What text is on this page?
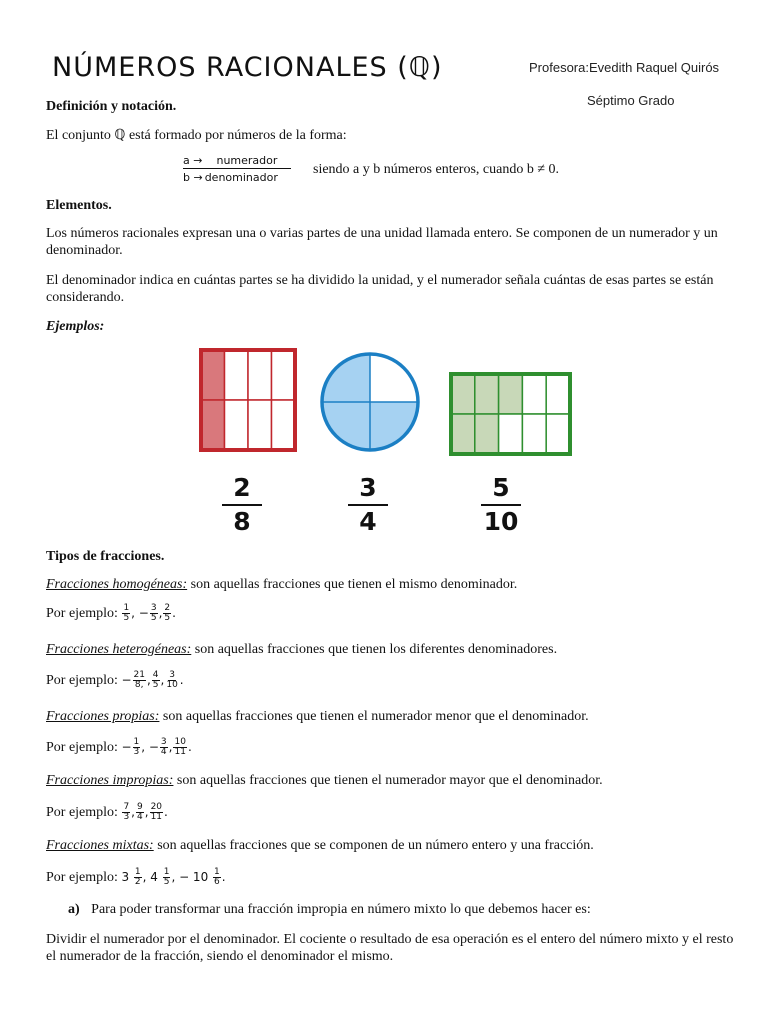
NÚMEROS RACIONALES (ℚ)	Profesora:Evedith Raquel Quirós
Séptimo Grado
Definición y notación.
El conjunto ℚ está formado por números de la forma:
a → numerador
b → denominador	siendo a y b números enteros, cuando b ≠ 0.
Elementos.
Los números racionales expresan una o varias partes de una unidad llamada entero. Se componen de un numerador y un denominador.
El denominador indica en cuántas partes se ha dividido la unidad, y el numerador señala cuántas de esas partes se están considerando.
Ejemplos:
2
8
3
4
5
10
Tipos de fracciones.
Fracciones homogéneas: son aquellas fracciones que tienen el mismo denominador.
Por ejemplo: $\frac{1}{5}$ , − $\frac{3}{5}$ , $\frac{2}{5}$ .
Fracciones heterogéneas: son aquellas fracciones que tienen los diferentes denominadores.
Por ejemplo: − $\frac{21}{8,}$ , $\frac{4}{5}$ , $\frac{3}{10}$ .
Fracciones propias: son aquellas fracciones que tienen el numerador menor que el denominador.
Por ejemplo: − $\frac{1}{3}$ , − $\frac{3}{4}$ , $\frac{10}{11}$ .
Fracciones impropias: son aquellas fracciones que tienen el numerador mayor que el denominador.
Por ejemplo: $\frac{7}{3}$ , $\frac{9}{4}$ , $\frac{20}{11}$ .
Fracciones mixtas: son aquellas fracciones que se componen de un número entero y una fracción.
Por ejemplo: $3 \frac{1}{2}$ , $4 \frac{1}{5}$ , − $10 \frac{1}{6}$ .
a) Para poder transformar una fracción impropia en número mixto lo que debemos hacer es:
Dividir el numerador por el denominador. El cociente o resultado de esa operación es el entero del número mixto y el resto el numerador de la fracción, siendo el denominador el mismo.
